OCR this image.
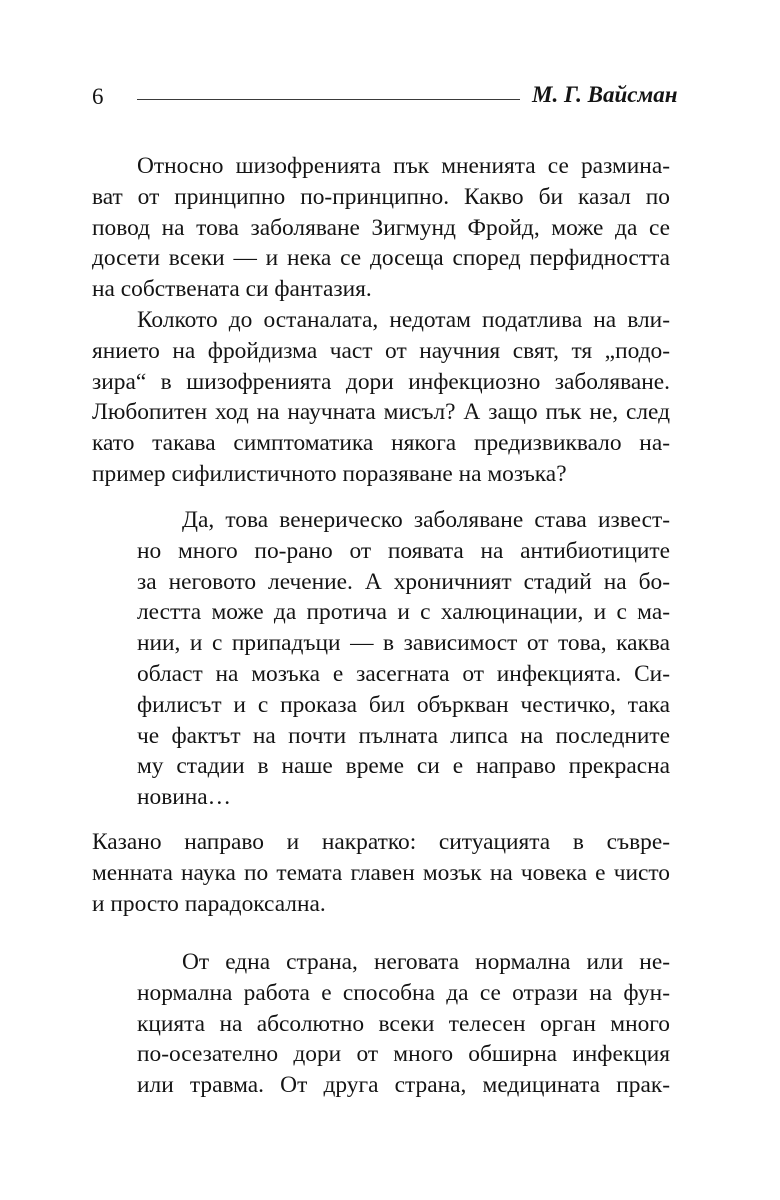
6	М. Г. Вайсман
Относно шизофренията пък мненията се размина-
ват от принципно по-принципно. Какво би казал по
повод на това заболяване Зигмунд Фройд, може да се
досети всеки — и нека се досеща според перфидността
на собствената си фантазия.
Колкото до останалата, недотам податлива на вли-
янието на фройдизма част от научния свят, тя „подо-
зира“ в шизофренията дори инфекциозно заболяване.
Любопитен ход на научната мисъл? А защо пък не, след
като такава симптоматика някога предизвиквало на-
пример сифилистичното поразяване на мозъка?
Да, това венерическо заболяване става извест-
но много по-рано от появата на антибиотиците
за неговото лечение. А хроничният стадий на бо-
лестта може да протича и с халюцинации, и с ма-
нии, и с припадъци — в зависимост от това, каква
област на мозъка е засегната от инфекцията. Си-
филисът и с проказа бил объркван честичко, така
че фактът на почти пълната липса на последните
му стадии в наше време си е направо прекрасна
новина…
Казано направо и накратко: ситуацията в съвре-
менната наука по темата главен мозък на човека е чисто
и просто парадоксална.
От една страна, неговата нормална или не-
нормална работа е способна да се отрази на фун-
кцията на абсолютно всеки телесен орган много
по-осезателно дори от много обширна инфекция
или травма. От друга страна, медицината прак-
